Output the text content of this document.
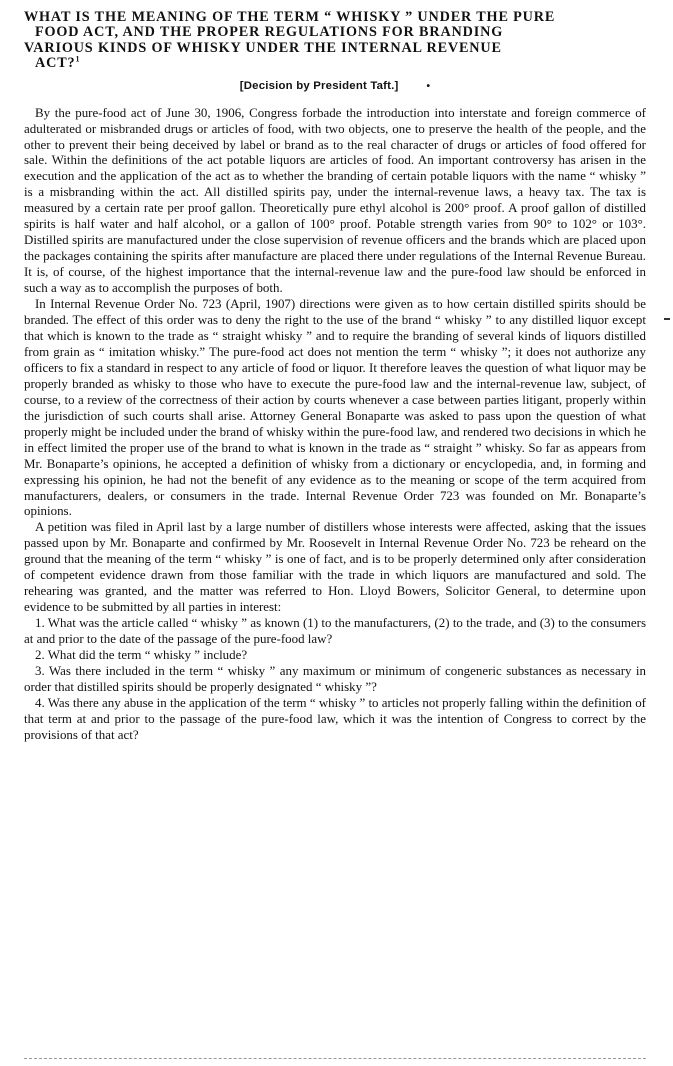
WHAT IS THE MEANING OF THE TERM “ WHISKY ” UNDER THE PURE
FOOD ACT, AND THE PROPER REGULATIONS FOR BRANDING
VARIOUS KINDS OF WHISKY UNDER THE INTERNAL REVENUE
ACT?$^1$
[Decision by President Taft.]	•

By the pure-food act of June 30, 1906, Congress forbade the introduction into interstate and foreign commerce of adulterated or misbranded drugs or articles of food, with two objects, one to preserve the health of the people, and the other to prevent their being deceived by label or brand as to the real character of drugs or articles of food offered for sale. Within the definitions of the act potable liquors are articles of food. An important controversy has arisen in the execution and the application of the act as to whether the branding of certain potable liquors with the name “ whisky ” is a misbranding within the act. All distilled spirits pay, under the internal-revenue laws, a heavy tax. The tax is measured by a certain rate per proof gallon. Theoretically pure ethyl alcohol is 200° proof. A proof gallon of distilled spirits is half water and half alcohol, or a gallon of 100° proof. Potable strength varies from 90° to 102° or 103°. Distilled spirits are manufactured under the close supervision of revenue officers and the brands which are placed upon the packages containing the spirits after manufacture are placed there under regulations of the Internal Revenue Bureau. It is, of course, of the highest importance that the internal-revenue law and the pure-food law should be enforced in such a way as to accomplish the purposes of both.

In Internal Revenue Order No. 723 (April, 1907) directions were given as to how certain distilled spirits should be branded. The effect of this order was to deny the right to the use of the brand “ whisky ” to any distilled liquor except that which is known to the trade as “ straight whisky ” and to require the branding of several kinds of liquors distilled from grain as “ imitation whisky.” The pure-food act does not mention the term “ whisky ”; it does not authorize any officers to fix a standard in respect to any article of food or liquor. It therefore leaves the question of what liquor may be properly branded as whisky to those who have to execute the pure-food law and the internal-revenue law, subject, of course, to a review of the correctness of their action by courts whenever a case between parties litigant, properly within the jurisdiction of such courts shall arise. Attorney General Bonaparte was asked to pass upon the question of what properly might be included under the brand of whisky within the pure-food law, and rendered two decisions in which he in effect limited the proper use of the brand to what is known in the trade as “ straight ” whisky. So far as appears from Mr. Bonaparte’s opinions, he accepted a definition of whisky from a dictionary or encyclopedia, and, in forming and expressing his opinion, he had not the benefit of any evidence as to the meaning or scope of the term acquired from manufacturers, dealers, or consumers in the trade. Internal Revenue Order 723 was founded on Mr. Bonaparte’s opinions.

A petition was filed in April last by a large number of distillers whose interests were affected, asking that the issues passed upon by Mr. Bonaparte and confirmed by Mr. Roosevelt in Internal Revenue Order No. 723 be reheard on the ground that the meaning of the term “ whisky ” is one of fact, and is to be properly determined only after consideration of competent evidence drawn from those familiar with the trade in which liquors are manufactured and sold. The rehearing was granted, and the matter was referred to Hon. Lloyd Bowers, Solicitor General, to determine upon evidence to be submitted by all parties in interest:

1. What was the article called “ whisky ” as known (1) to the manufacturers, (2) to the trade, and (3) to the consumers at and prior to the date of the passage of the pure-food law?

2. What did the term “ whisky ” include?

3. Was there included in the term “ whisky ” any maximum or minimum of congeneric substances as necessary in order that distilled spirits should be properly designated “ whisky ”?

4. Was there any abuse in the application of the term “ whisky ” to articles not properly falling within the definition of that term at and prior to the passage of the pure-food law, which it was the intention of Congress to correct by the provisions of that act?
